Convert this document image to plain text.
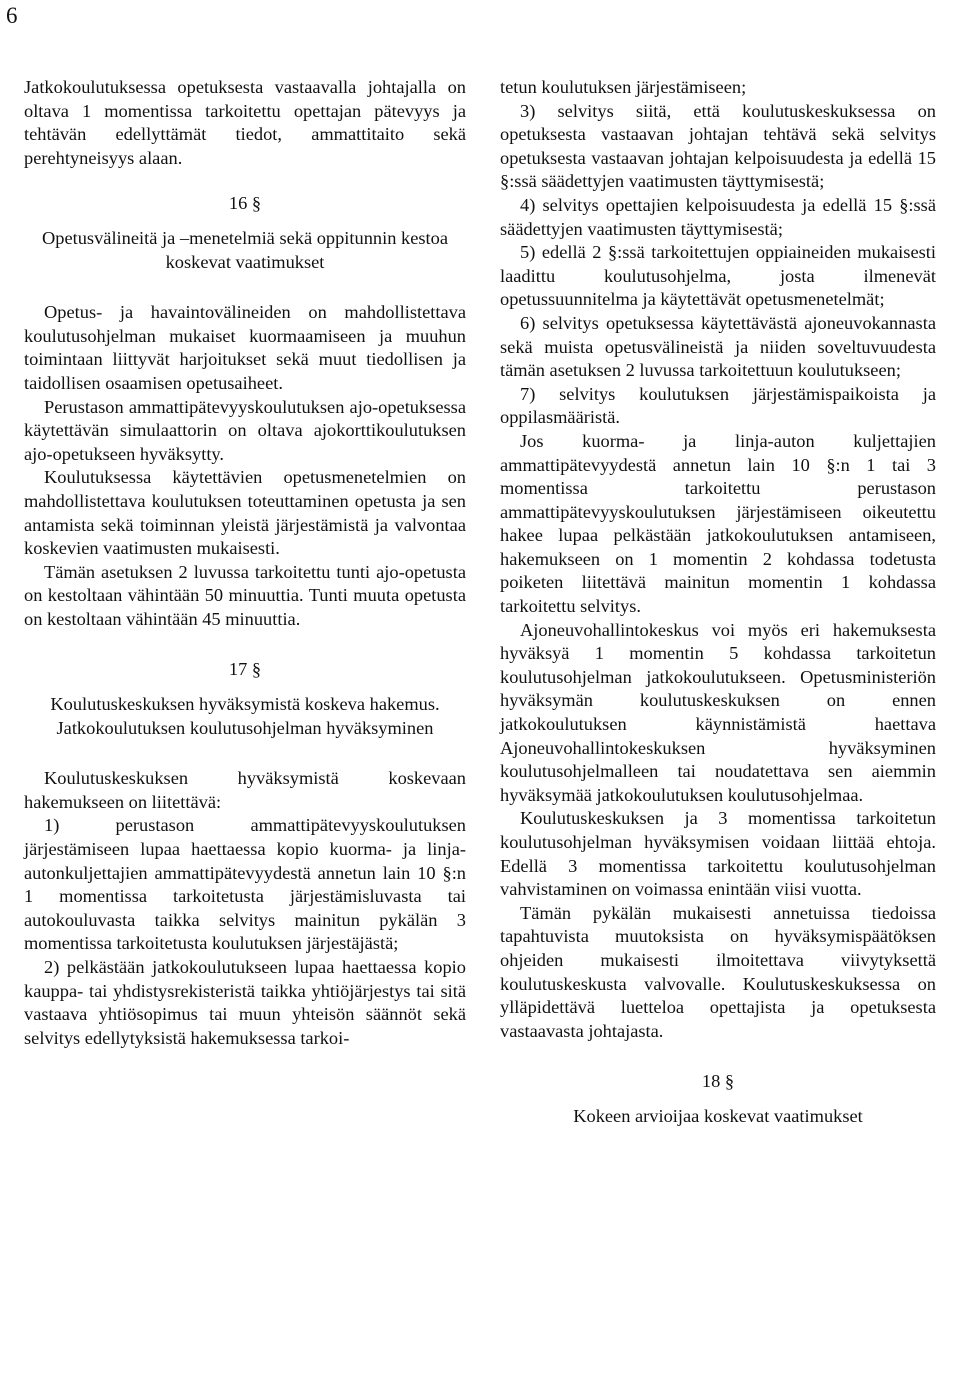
6

Jatkokoulutuksessa opetuksesta vastaavalla johtajalla on oltava 1 momentissa tarkoitettu opettajan pätevyys ja tehtävän edellyttämät tiedot, ammattitaito sekä perehtyneisyys alaan.

16 §

Opetusvälineitä ja –menetelmiä sekä oppitunnin kestoa koskevat vaatimukset

Opetus- ja havaintovälineiden on mahdollistettava koulutusohjelman mukaiset kuormaamiseen ja muuhun toimintaan liittyvät harjoitukset sekä muut tiedollisen ja taidollisen osaamisen opetusaiheet.

Perustason ammattipätevyyskoulutuksen ajo-opetuksessa käytettävän simulaattorin on oltava ajokorttikoulutuksen ajo-opetukseen hyväksytty.

Koulutuksessa käytettävien opetusmenetelmien on mahdollistettava koulutuksen toteuttaminen opetusta ja sen antamista sekä toiminnan yleistä järjestämistä ja valvontaa koskevien vaatimusten mukaisesti.

Tämän asetuksen 2 luvussa tarkoitettu tunti ajo-opetusta on kestoltaan vähintään 50 minuuttia. Tunti muuta opetusta on kestoltaan vähintään 45 minuuttia.

17 §

Koulutuskeskuksen hyväksymistä koskeva hakemus. Jatkokoulutuksen koulutusohjelman hyväksyminen

Koulutuskeskuksen hyväksymistä koskevaan hakemukseen on liitettävä:

1) perustason ammattipätevyyskoulutuksen järjestämiseen lupaa haettaessa kopio kuorma- ja linja-autonkuljettajien ammattipätevyydestä annetun lain 10 §:n 1 momentissa tarkoitetusta järjestämisluvasta tai autokouluvasta taikka selvitys mainitun pykälän 3 momentissa tarkoitetusta koulutuksen järjestäjästä;

2) pelkästään jatkokoulutukseen lupaa haettaessa kopio kauppa- tai yhdistysrekisteristä taikka yhtiöjärjestys tai sitä vastaava yhtiösopimus tai muun yhteisön säännöt sekä selvitys edellytyksistä hakemuksessa tarkoi-

tetun koulutuksen järjestämiseen;

3) selvitys siitä, että koulutuskeskuksessa on opetuksesta vastaavan johtajan tehtävä sekä selvitys opetuksesta vastaavan johtajan kelpoisuudesta ja edellä 15 §:ssä säädettyjen vaatimusten täyttymisestä;

4) selvitys opettajien kelpoisuudesta ja edellä 15 §:ssä säädettyjen vaatimusten täyttymisestä;

5) edellä 2 §:ssä tarkoitettujen oppiaineiden mukaisesti laadittu koulutusohjelma, josta ilmenevät opetussuunnitelma ja käytettävät opetusmenetelmät;

6) selvitys opetuksessa käytettävästä ajoneuvokannasta sekä muista opetusvälineistä ja niiden soveltuvuudesta tämän asetuksen 2 luvussa tarkoitettuun koulutukseen;

7) selvitys koulutuksen järjestämispaikoista ja oppilasmääristä.

Jos kuorma- ja linja-auton kuljettajien ammattipätevyydestä annetun lain 10 §:n 1 tai 3 momentissa tarkoitettu perustason ammattipätevyyskoulutuksen järjestämiseen oikeutettu hakee lupaa pelkästään jatkokoulutuksen antamiseen, hakemukseen on 1 momentin 2 kohdassa todetusta poiketen liitettävä mainitun momentin 1 kohdassa tarkoitettu selvitys.

Ajoneuvohallintokeskus voi myös eri hakemuksesta hyväksyä 1 momentin 5 kohdassa tarkoitetun koulutusohjelman jatkokoulutukseen. Opetusministeriön hyväksymän koulutuskeskuksen on ennen jatkokoulutuksen käynnistämistä haettava Ajoneuvohallintokeskuksen hyväksyminen koulutusohjelmalleen tai noudatettava sen aiemmin hyväksymää jatkokoulutuksen koulutusohjelmaa.

Koulutuskeskuksen ja 3 momentissa tarkoitetun koulutusohjelman hyväksymisen voidaan liittää ehtoja. Edellä 3 momentissa tarkoitettu koulutusohjelman vahvistaminen on voimassa enintään viisi vuotta.

Tämän pykälän mukaisesti annetuissa tiedoissa tapahtuvista muutoksista on hyväksymispäätöksen ohjeiden mukaisesti ilmoitettava viivytyksettä koulutuskeskusta valvovalle. Koulutuskeskuksessa on ylläpidettävä luetteloa opettajista ja opetuksesta vastaavasta johtajasta.

18 §

Kokeen arvioijaa koskevat vaatimukset
